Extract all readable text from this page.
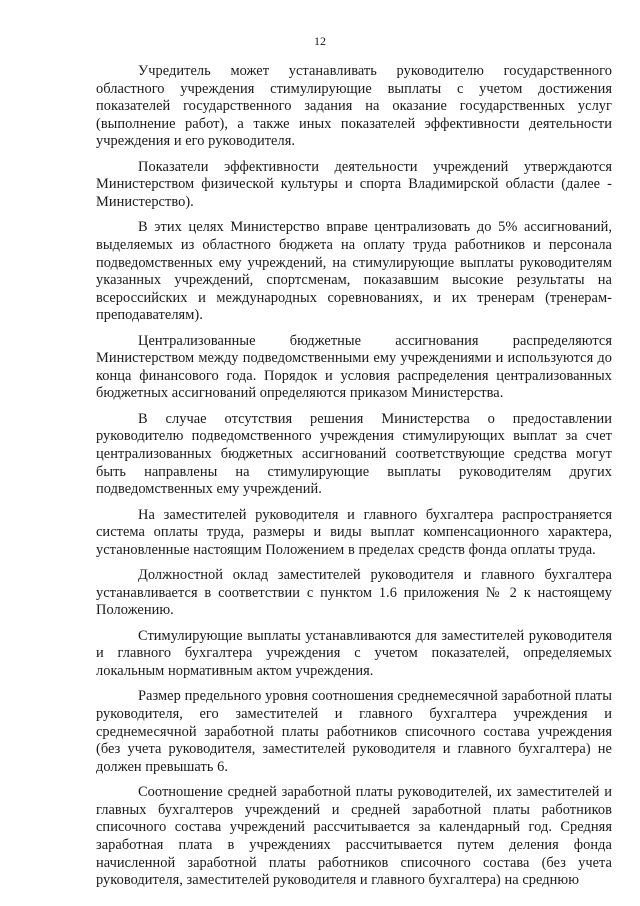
12

Учредитель может устанавливать руководителю государственного областного учреждения стимулирующие выплаты с учетом достижения показателей государственного задания на оказание государственных услуг (выполнение работ), а также иных показателей эффективности деятельности учреждения и его руководителя.

Показатели эффективности деятельности учреждений утверждаются Министерством физической культуры и спорта Владимирской области (далее - Министерство).

В этих целях Министерство вправе централизовать до 5% ассигнований, выделяемых из областного бюджета на оплату труда работников и персонала подведомственных ему учреждений, на стимулирующие выплаты руководителям указанных учреждений, спортсменам, показавшим высокие результаты на всероссийских и международных соревнованиях, и их тренерам (тренерам-преподавателям).

Централизованные бюджетные ассигнования распределяются Министерством между подведомственными ему учреждениями и используются до конца финансового года. Порядок и условия распределения централизованных бюджетных ассигнований определяются приказом Министерства.

В случае отсутствия решения Министерства о предоставлении руководителю подведомственного учреждения стимулирующих выплат за счет централизованных бюджетных ассигнований соответствующие средства могут быть направлены на стимулирующие выплаты руководителям других подведомственных ему учреждений.

На заместителей руководителя и главного бухгалтера распространяется система оплаты труда, размеры и виды выплат компенсационного характера, установленные настоящим Положением в пределах средств фонда оплаты труда.

Должностной оклад заместителей руководителя и главного бухгалтера устанавливается в соответствии с пунктом 1.6 приложения № 2 к настоящему Положению.

Стимулирующие выплаты устанавливаются для заместителей руководителя и главного бухгалтера учреждения с учетом показателей, определяемых локальным нормативным актом учреждения.

Размер предельного уровня соотношения среднемесячной заработной платы руководителя, его заместителей и главного бухгалтера учреждения и среднемесячной заработной платы работников списочного состава учреждения (без учета руководителя, заместителей руководителя и главного бухгалтера) не должен превышать 6.

Соотношение средней заработной платы руководителей, их заместителей и главных бухгалтеров учреждений и средней заработной платы работников списочного состава учреждений рассчитывается за календарный год. Средняя заработная плата в учреждениях рассчитывается путем деления фонда начисленной заработной платы работников списочного состава (без учета руководителя, заместителей руководителя и главного бухгалтера) на среднюю
